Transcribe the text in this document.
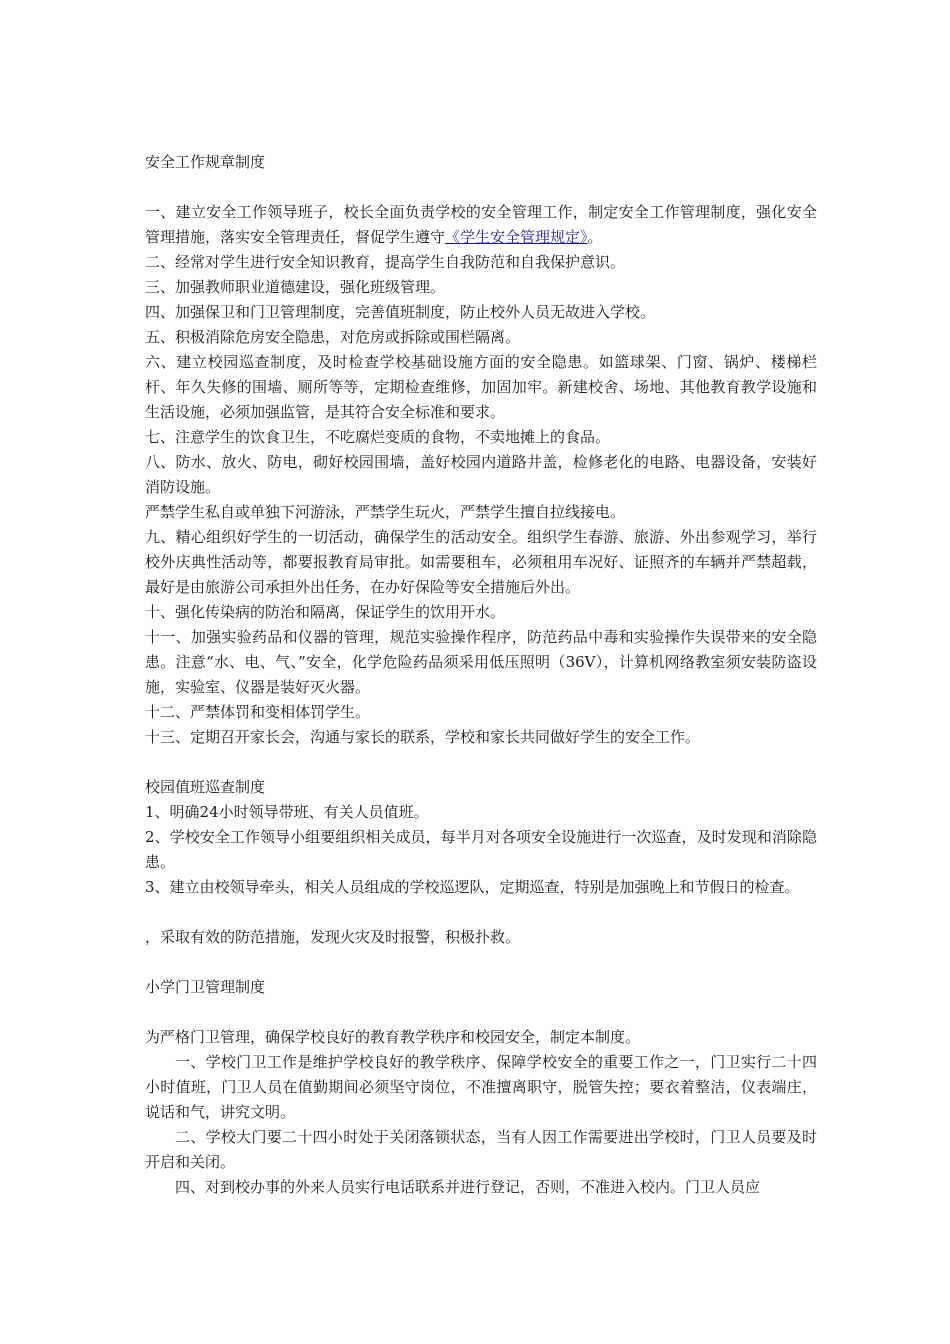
安全工作规章制度

一、建立安全工作领导班子，校长全面负责学校的安全管理工作，制定安全工作管理制度，强化安全管理措施，落实安全管理责任，督促学生遵守《学生安全管理规定》。

二、经常对学生进行安全知识教育，提高学生自我防范和自我保护意识。

三、加强教师职业道德建设，强化班级管理。

四、加强保卫和门卫管理制度，完善值班制度，防止校外人员无故进入学校。

五、积极消除危房安全隐患，对危房或拆除或围栏隔离。

六、建立校园巡查制度，及时检查学校基础设施方面的安全隐患。如篮球架、门窗、锅炉、楼梯栏杆、年久失修的围墙、厕所等等，定期检查维修，加固加牢。新建校舍、场地、其他教育教学设施和生活设施，必须加强监管，是其符合安全标准和要求。

七、注意学生的饮食卫生，不吃腐烂变质的食物，不卖地摊上的食品。

八、防水、放火、防电，砌好校园围墙，盖好校园内道路井盖，检修老化的电路、电器设备，安装好消防设施。

严禁学生私自或单独下河游泳，严禁学生玩火，严禁学生擅自拉线接电。

九、精心组织好学生的一切活动，确保学生的活动安全。组织学生春游、旅游、外出参观学习，举行校外庆典性活动等，都要报教育局审批。如需要租车，必须租用车况好、证照齐的车辆并严禁超载，最好是由旅游公司承担外出任务，在办好保险等安全措施后外出。

十、强化传染病的防治和隔离，保证学生的饮用开水。

十一、加强实验药品和仪器的管理，规范实验操作程序，防范药品中毒和实验操作失误带来的安全隐患。注意“水、电、气、”安全，化学危险药品须采用低压照明（36V），计算机网络教室须安装防盗设施，实验室、仪器是装好灭火器。

十二、严禁体罚和变相体罚学生。

十三、定期召开家长会，沟通与家长的联系，学校和家长共同做好学生的安全工作。

校园值班巡查制度

1、明确24小时领导带班、有关人员值班。

2、学校安全工作领导小组要组织相关成员，每半月对各项安全设施进行一次巡查，及时发现和消除隐患。

3、建立由校领导牵头，相关人员组成的学校巡逻队，定期巡查，特别是加强晚上和节假日的检查。

，采取有效的防范措施，发现火灾及时报警，积极扑救。

小学门卫管理制度

为严格门卫管理，确保学校良好的教育教学秩序和校园安全，制定本制度。

一、学校门卫工作是维护学校良好的教学秩序、保障学校安全的重要工作之一，门卫实行二十四小时值班，门卫人员在值勤期间必须坚守岗位，不准擅离职守，脱管失控；要衣着整洁，仪表端庄，说话和气，讲究文明。

二、学校大门要二十四小时处于关闭落锁状态，当有人因工作需要进出学校时，门卫人员要及时开启和关闭。

四、对到校办事的外来人员实行电话联系并进行登记，否则，不准进入校内。门卫人员应
